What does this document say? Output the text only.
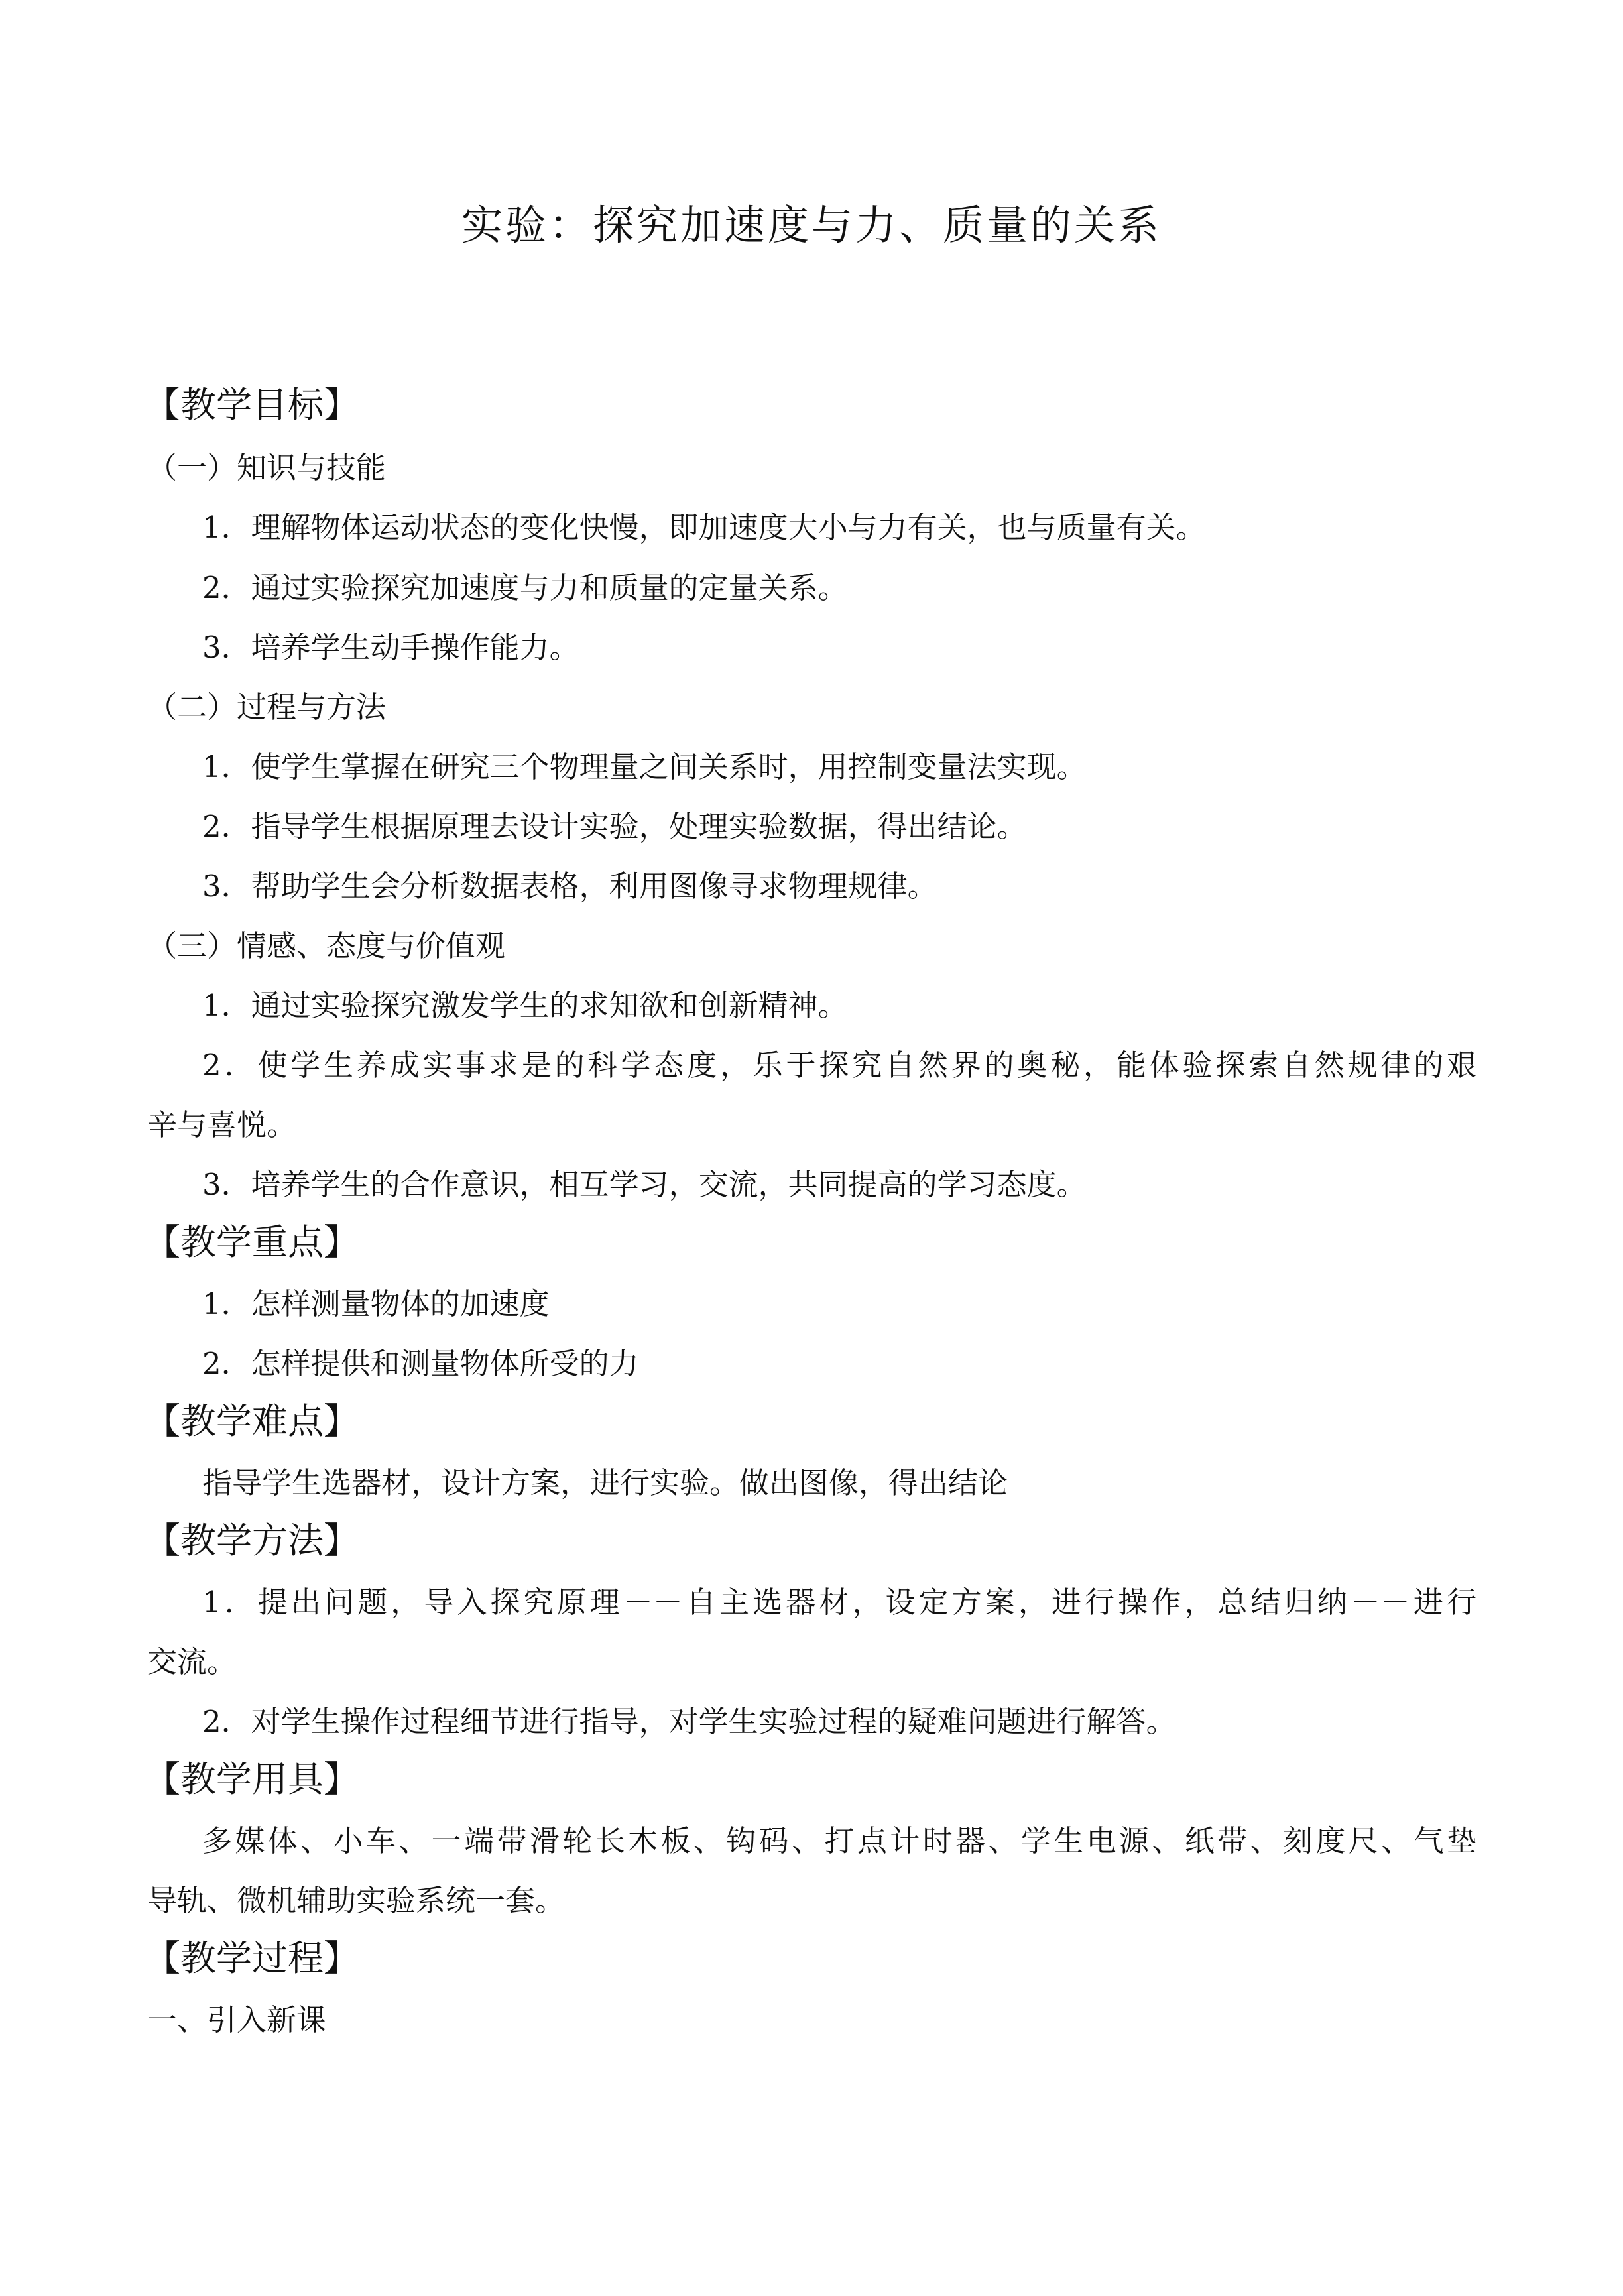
实验：探究加速度与力、质量的关系
【教学目标】
（一）知识与技能
1．理解物体运动状态的变化快慢，即加速度大小与力有关，也与质量有关。
2．通过实验探究加速度与力和质量的定量关系。
3．培养学生动手操作能力。
（二）过程与方法
1．使学生掌握在研究三个物理量之间关系时，用控制变量法实现。
2．指导学生根据原理去设计实验，处理实验数据，得出结论。
3．帮助学生会分析数据表格，利用图像寻求物理规律。
（三）情感、态度与价值观
1．通过实验探究激发学生的求知欲和创新精神。
2．使学生养成实事求是的科学态度，乐于探究自然界的奥秘，能体验探索自然规律的艰
辛与喜悦。
3．培养学生的合作意识，相互学习，交流，共同提高的学习态度。
【教学重点】
1．怎样测量物体的加速度
2．怎样提供和测量物体所受的力
【教学难点】
指导学生选器材，设计方案，进行实验。做出图像，得出结论
【教学方法】
1．提出问题，导入探究原理－－自主选器材，设定方案，进行操作，总结归纳－－进行
交流。
2．对学生操作过程细节进行指导，对学生实验过程的疑难问题进行解答。
【教学用具】
多媒体、小车、一端带滑轮长木板、钩码、打点计时器、学生电源、纸带、刻度尺、气垫
导轨、微机辅助实验系统一套。
【教学过程】
一、引入新课
